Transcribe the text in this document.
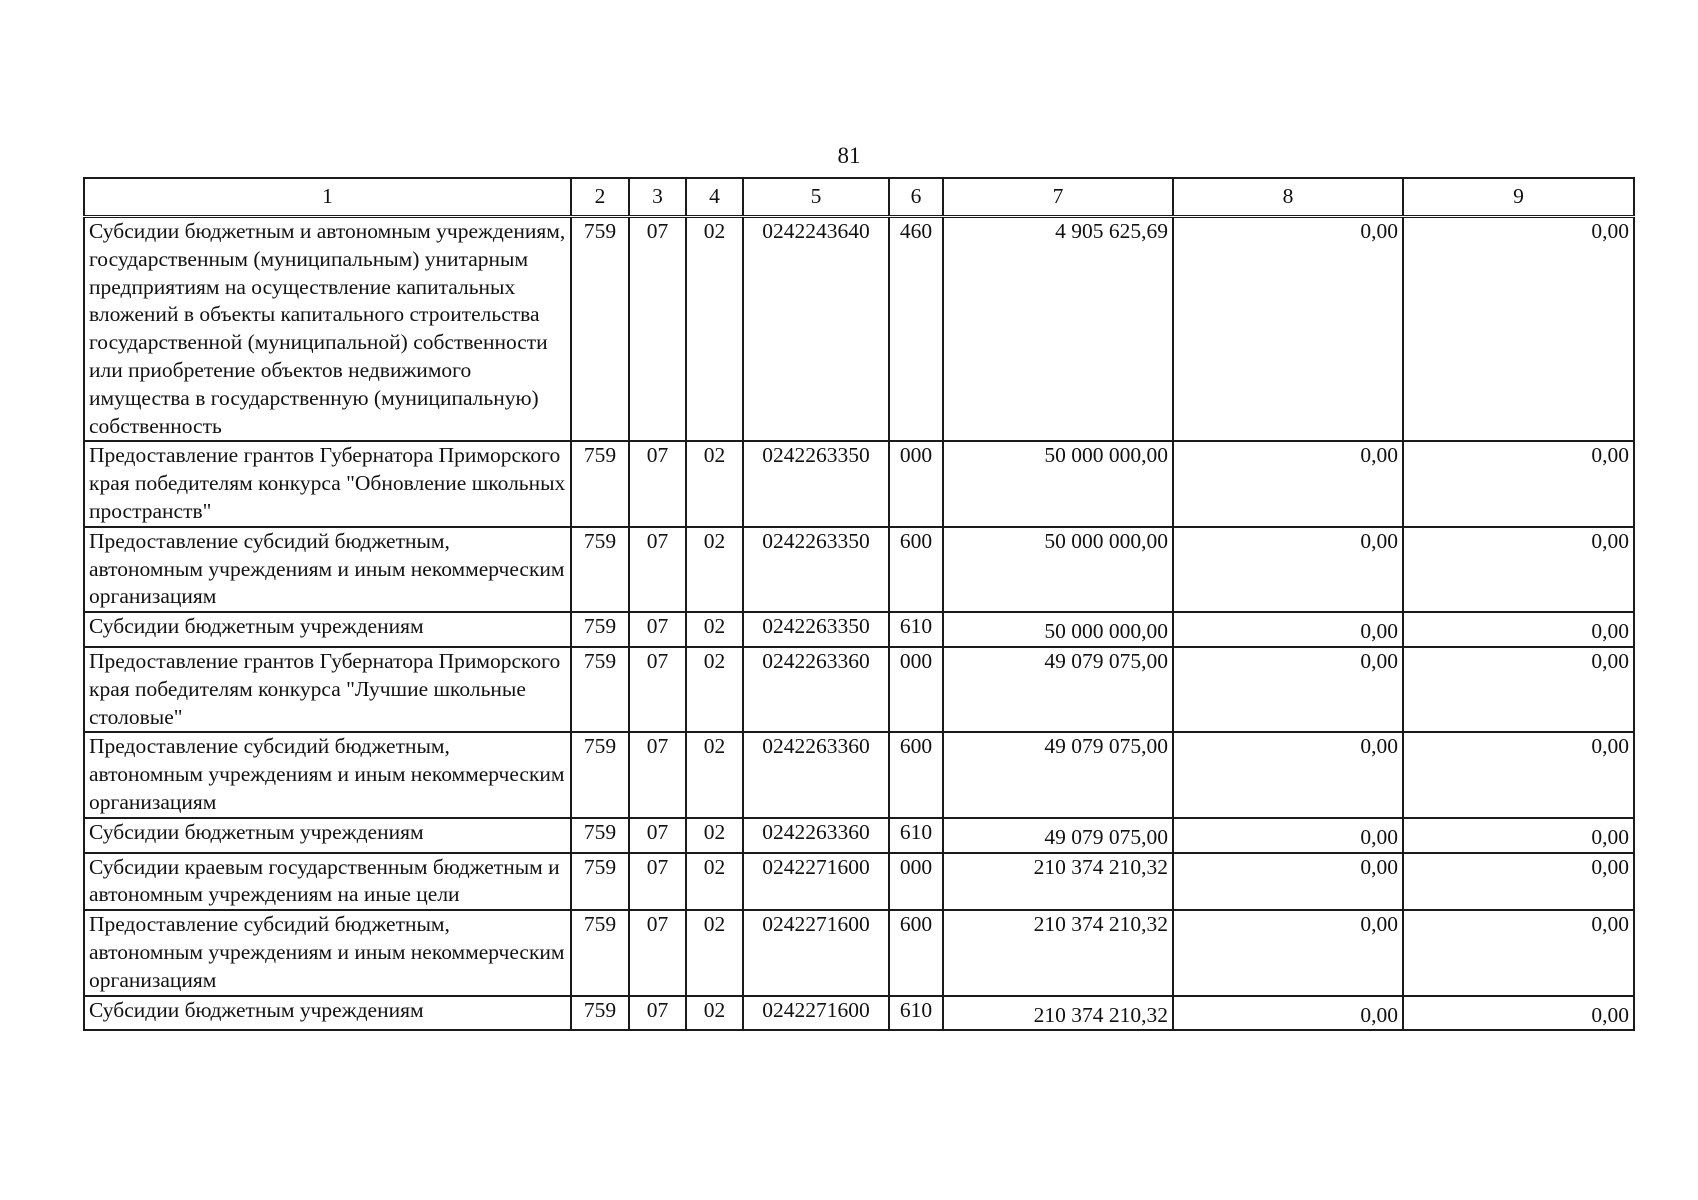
81
1	2	3	4	5	6	7	8	9
Субсидии бюджетным и автономным учреждениям, государственным (муниципальным) унитарным предприятиям на осуществление капитальных вложений в объекты капитального строительства государственной (муниципальной) собственности или приобретение объектов недвижимого имущества в государственную (муниципальную) собственность	759	07	02	0242243640	460	4 905 625,69	0,00	0,00
Предоставление грантов Губернатора Приморского края победителям конкурса "Обновление школьных пространств"	759	07	02	0242263350	000	50 000 000,00	0,00	0,00
Предоставление субсидий бюджетным, автономным учреждениям и иным некоммерческим организациям	759	07	02	0242263350	600	50 000 000,00	0,00	0,00
Субсидии бюджетным учреждениям	759	07	02	0242263350	610	50 000 000,00	0,00	0,00
Предоставление грантов Губернатора Приморского края победителям конкурса "Лучшие школьные столовые"	759	07	02	0242263360	000	49 079 075,00	0,00	0,00
Предоставление субсидий бюджетным, автономным учреждениям и иным некоммерческим организациям	759	07	02	0242263360	600	49 079 075,00	0,00	0,00
Субсидии бюджетным учреждениям	759	07	02	0242263360	610	49 079 075,00	0,00	0,00
Субсидии краевым государственным бюджетным и автономным учреждениям на иные цели	759	07	02	0242271600	000	210 374 210,32	0,00	0,00
Предоставление субсидий бюджетным, автономным учреждениям и иным некоммерческим организациям	759	07	02	0242271600	600	210 374 210,32	0,00	0,00
Субсидии бюджетным учреждениям	759	07	02	0242271600	610	210 374 210,32	0,00	0,00
